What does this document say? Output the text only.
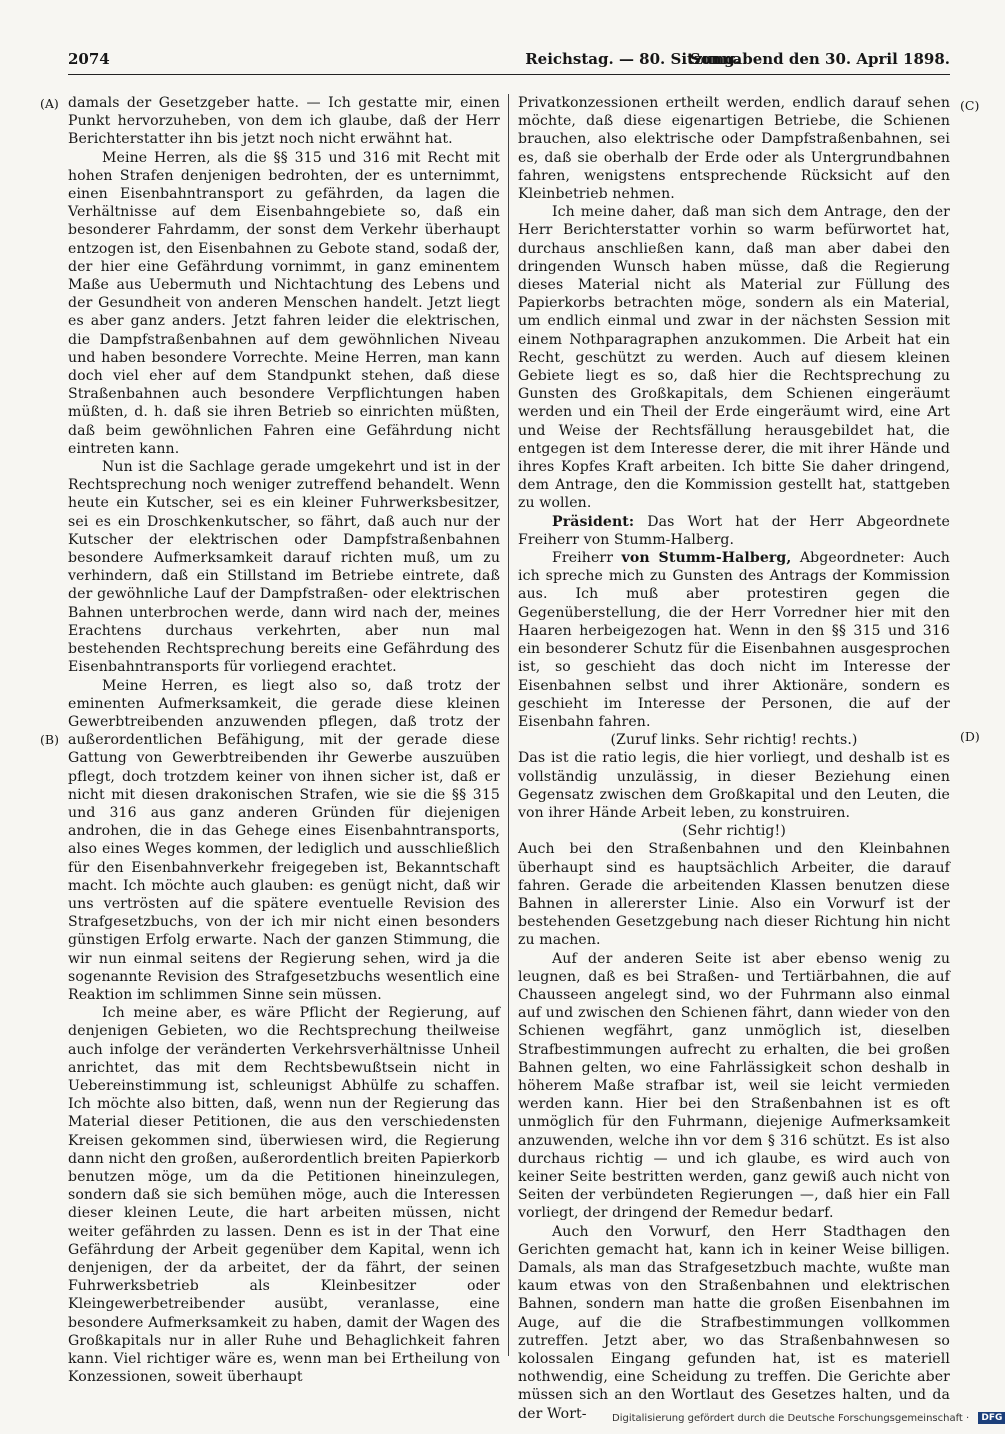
2074	Reichstag. — 80. Sitzung.
Sonnabend den 30. April 1898.
(A)
(B)
(C)
(D)

damals der Gesetzgeber hatte. — Ich gestatte mir, einen Punkt hervorzuheben, von dem ich glaube, daß der Herr Berichterstatter ihn bis jetzt noch nicht erwähnt hat.

Meine Herren, als die §§ 315 und 316 mit Recht mit hohen Strafen denjenigen bedrohten, der es unternimmt, einen Eisenbahntransport zu gefährden, da lagen die Verhältnisse auf dem Eisenbahngebiete so, daß ein besonderer Fahrdamm, der sonst dem Verkehr überhaupt entzogen ist, den Eisenbahnen zu Gebote stand, sodaß der, der hier eine Gefährdung vornimmt, in ganz eminentem Maße aus Uebermuth und Nichtachtung des Lebens und der Gesundheit von anderen Menschen handelt. Jetzt liegt es aber ganz anders. Jetzt fahren leider die elektrischen, die Dampfstraßenbahnen auf dem gewöhnlichen Niveau und haben besondere Vorrechte. Meine Herren, man kann doch viel eher auf dem Standpunkt stehen, daß diese Straßenbahnen auch besondere Verpflichtungen haben müßten, d. h. daß sie ihren Betrieb so einrichten müßten, daß beim gewöhnlichen Fahren eine Gefährdung nicht eintreten kann.

Nun ist die Sachlage gerade umgekehrt und ist in der Rechtsprechung noch weniger zutreffend behandelt. Wenn heute ein Kutscher, sei es ein kleiner Fuhrwerksbesitzer, sei es ein Droschkenkutscher, so fährt, daß auch nur der Kutscher der elektrischen oder Dampfstraßenbahnen besondere Aufmerksamkeit darauf richten muß, um zu verhindern, daß ein Stillstand im Betriebe eintrete, daß der gewöhnliche Lauf der Dampfstraßen- oder elektrischen Bahnen unterbrochen werde, dann wird nach der, meines Erachtens durchaus verkehrten, aber nun mal bestehenden Rechtsprechung bereits eine Gefährdung des Eisenbahntransports für vorliegend erachtet.

Meine Herren, es liegt also so, daß trotz der eminenten Aufmerksamkeit, die gerade diese kleinen Gewerbtreibenden anzuwenden pflegen, daß trotz der außerordentlichen Befähigung, mit der gerade diese Gattung von Gewerbtreibenden ihr Gewerbe auszuüben pflegt, doch trotzdem keiner von ihnen sicher ist, daß er nicht mit diesen drakonischen Strafen, wie sie die §§ 315 und 316 aus ganz anderen Gründen für diejenigen androhen, die in das Gehege eines Eisenbahntransports, also eines Weges kommen, der lediglich und ausschließlich für den Eisenbahnverkehr freigegeben ist, Bekanntschaft macht. Ich möchte auch glauben: es genügt nicht, daß wir uns vertrösten auf die spätere eventuelle Revision des Strafgesetzbuchs, von der ich mir nicht einen besonders günstigen Erfolg erwarte. Nach der ganzen Stimmung, die wir nun einmal seitens der Regierung sehen, wird ja die sogenannte Revision des Strafgesetzbuchs wesentlich eine Reaktion im schlimmen Sinne sein müssen.

Ich meine aber, es wäre Pflicht der Regierung, auf denjenigen Gebieten, wo die Rechtsprechung theilweise auch infolge der veränderten Verkehrsverhältnisse Unheil anrichtet, das mit dem Rechtsbewußtsein nicht in Uebereinstimmung ist, schleunigst Abhülfe zu schaffen. Ich möchte also bitten, daß, wenn nun der Regierung das Material dieser Petitionen, die aus den verschiedensten Kreisen gekommen sind, überwiesen wird, die Regierung dann nicht den großen, außerordentlich breiten Papierkorb benutzen möge, um da die Petitionen hineinzulegen, sondern daß sie sich bemühen möge, auch die Interessen dieser kleinen Leute, die hart arbeiten müssen, nicht weiter gefährden zu lassen. Denn es ist in der That eine Gefährdung der Arbeit gegenüber dem Kapital, wenn ich denjenigen, der da arbeitet, der da fährt, der seinen Fuhrwerksbetrieb als Kleinbesitzer oder Kleingewerbetreibender ausübt, veranlasse, eine besondere Aufmerksamkeit zu haben, damit der Wagen des Großkapitals nur in aller Ruhe und Behaglichkeit fahren kann. Viel richtiger wäre es, wenn man bei Ertheilung von Konzessionen, soweit überhaupt

Privatkonzessionen ertheilt werden, endlich darauf sehen möchte, daß diese eigenartigen Betriebe, die Schienen brauchen, also elektrische oder Dampfstraßenbahnen, sei es, daß sie oberhalb der Erde oder als Untergrundbahnen fahren, wenigstens entsprechende Rücksicht auf den Kleinbetrieb nehmen.

Ich meine daher, daß man sich dem Antrage, den der Herr Berichterstatter vorhin so warm befürwortet hat, durchaus anschließen kann, daß man aber dabei den dringenden Wunsch haben müsse, daß die Regierung dieses Material nicht als Material zur Füllung des Papierkorbs betrachten möge, sondern als ein Material, um endlich einmal und zwar in der nächsten Session mit einem Nothparagraphen anzukommen. Die Arbeit hat ein Recht, geschützt zu werden. Auch auf diesem kleinen Gebiete liegt es so, daß hier die Rechtsprechung zu Gunsten des Großkapitals, dem Schienen eingeräumt werden und ein Theil der Erde eingeräumt wird, eine Art und Weise der Rechtsfällung herausgebildet hat, die entgegen ist dem Interesse derer, die mit ihrer Hände und ihres Kopfes Kraft arbeiten. Ich bitte Sie daher dringend, dem Antrage, den die Kommission gestellt hat, stattgeben zu wollen.

Präsident: Das Wort hat der Herr Abgeordnete Freiherr von Stumm-Halberg.

Freiherr von Stumm-Halberg, Abgeordneter: Auch ich spreche mich zu Gunsten des Antrags der Kommission aus. Ich muß aber protestiren gegen die Gegenüberstellung, die der Herr Vorredner hier mit den Haaren herbeigezogen hat. Wenn in den §§ 315 und 316 ein besonderer Schutz für die Eisenbahnen ausgesprochen ist, so geschieht das doch nicht im Interesse der Eisenbahnen selbst und ihrer Aktionäre, sondern es geschieht im Interesse der Personen, die auf der Eisenbahn fahren.

(Zuruf links. Sehr richtig! rechts.)

Das ist die ratio legis, die hier vorliegt, und deshalb ist es vollständig unzulässig, in dieser Beziehung einen Gegensatz zwischen dem Großkapital und den Leuten, die von ihrer Hände Arbeit leben, zu konstruiren.

(Sehr richtig!)

Auch bei den Straßenbahnen und den Kleinbahnen überhaupt sind es hauptsächlich Arbeiter, die darauf fahren. Gerade die arbeitenden Klassen benutzen diese Bahnen in allererster Linie. Also ein Vorwurf ist der bestehenden Gesetzgebung nach dieser Richtung hin nicht zu machen.

Auf der anderen Seite ist aber ebenso wenig zu leugnen, daß es bei Straßen- und Tertiärbahnen, die auf Chausseen angelegt sind, wo der Fuhrmann also einmal auf und zwischen den Schienen fährt, dann wieder von den Schienen wegfährt, ganz unmöglich ist, dieselben Strafbestimmungen aufrecht zu erhalten, die bei großen Bahnen gelten, wo eine Fahrlässigkeit schon deshalb in höherem Maße strafbar ist, weil sie leicht vermieden werden kann. Hier bei den Straßenbahnen ist es oft unmöglich für den Fuhrmann, diejenige Aufmerksamkeit anzuwenden, welche ihn vor dem § 316 schützt. Es ist also durchaus richtig — und ich glaube, es wird auch von keiner Seite bestritten werden, ganz gewiß auch nicht von Seiten der verbündeten Regierungen —, daß hier ein Fall vorliegt, der dringend der Remedur bedarf.

Auch den Vorwurf, den Herr Stadthagen den Gerichten gemacht hat, kann ich in keiner Weise billigen. Damals, als man das Strafgesetzbuch machte, wußte man kaum etwas von den Straßenbahnen und elektrischen Bahnen, sondern man hatte die großen Eisenbahnen im Auge, auf die die Strafbestimmungen vollkommen zutreffen. Jetzt aber, wo das Straßenbahnwesen so kolossalen Eingang gefunden hat, ist es materiell nothwendig, eine Scheidung zu treffen. Die Gerichte aber müssen sich an den Wortlaut des Gesetzes halten, und da der Wort-	Digitalisierung gefördert durch die Deutsche Forschungsgemeinschaft · DFG
